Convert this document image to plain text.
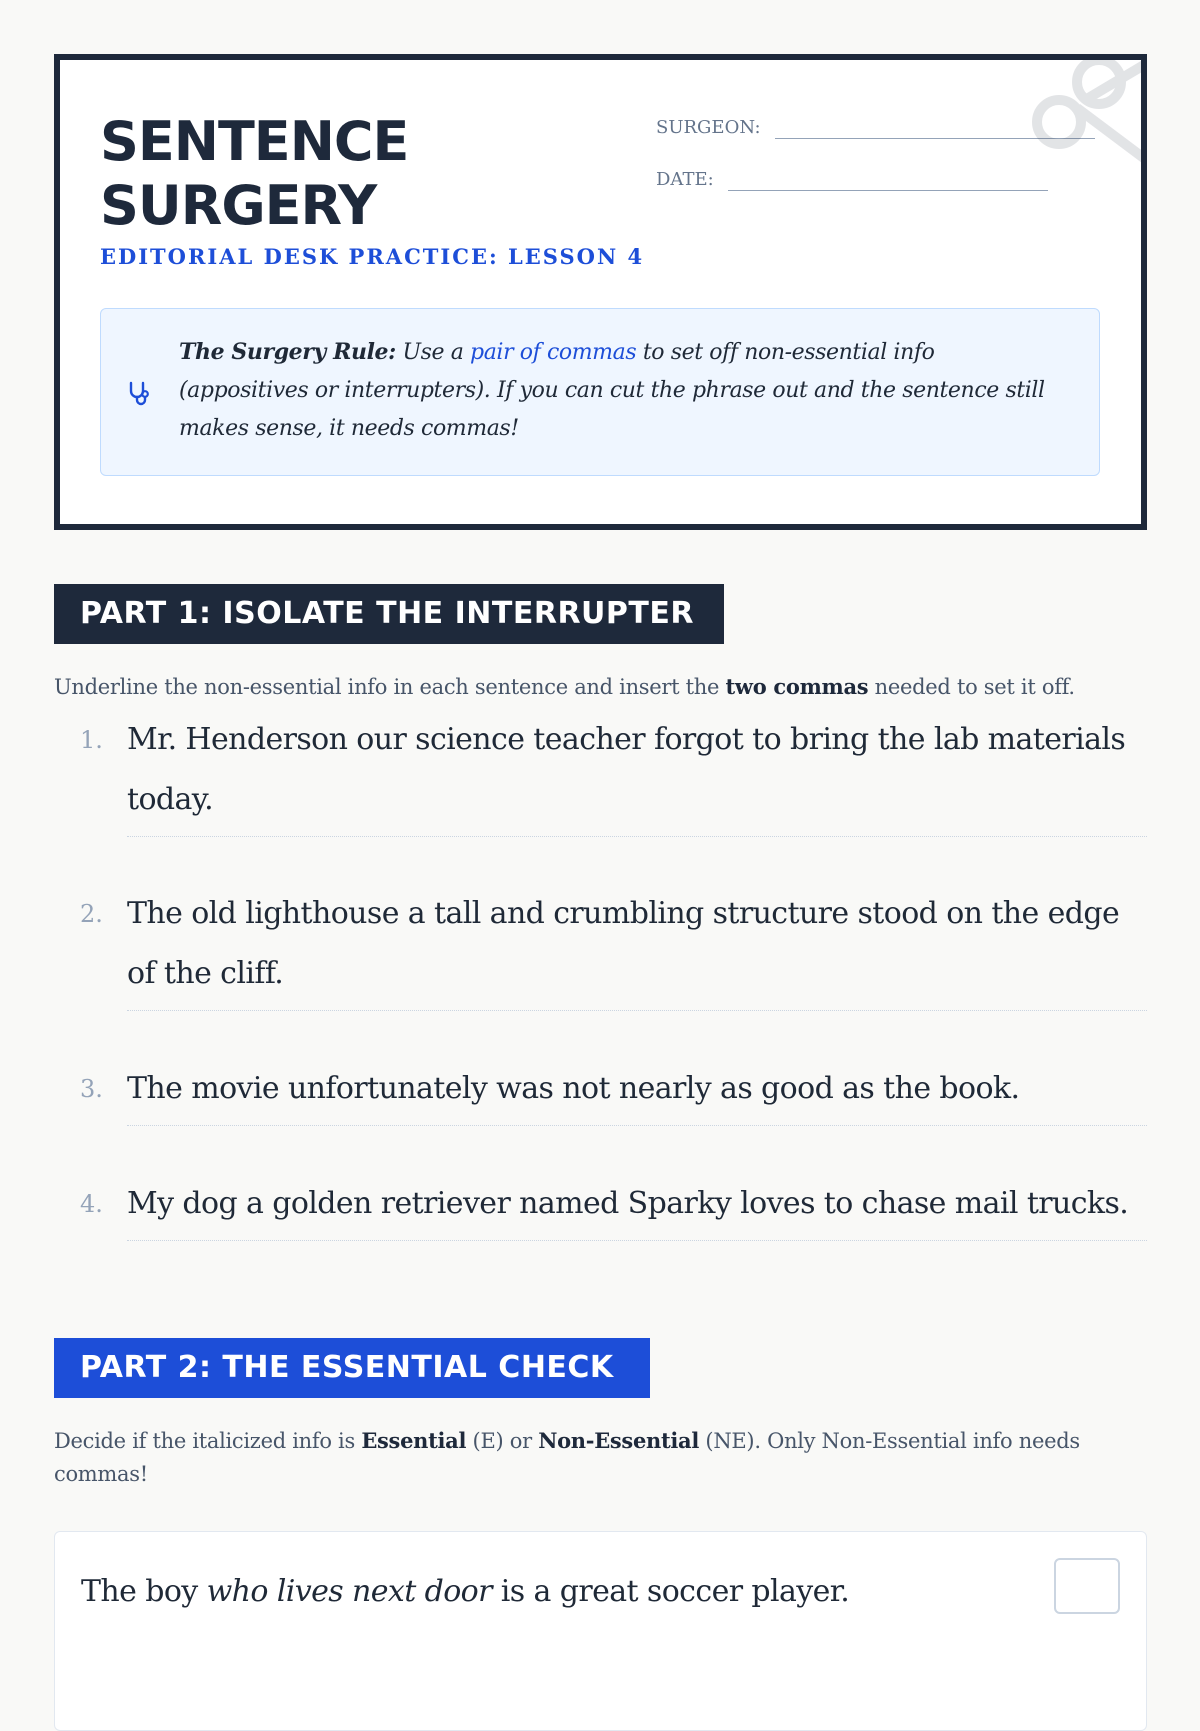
SENTENCE
SURGERY
EDITORIAL DESK PRACTICE: LESSON 4
SURGEON:
DATE:
The Surgery Rule: Use a pair of commas to set off non-essential info (appositives or interrupters). If you can cut the phrase out and the sentence still makes sense, it needs commas!
PART 1: ISOLATE THE INTERRUPTER
Underline the non-essential info in each sentence and insert the two commas needed to set it off.
1. Mr. Henderson our science teacher forgot to bring the lab materials today.
2. The old lighthouse a tall and crumbling structure stood on the edge of the cliff.
3. The movie unfortunately was not nearly as good as the book.
4. My dog a golden retriever named Sparky loves to chase mail trucks.
PART 2: THE ESSENTIAL CHECK
Decide if the italicized info is Essential (E) or Non-Essential (NE). Only Non-Essential info needs commas!
The boy who lives next door is a great soccer player.
